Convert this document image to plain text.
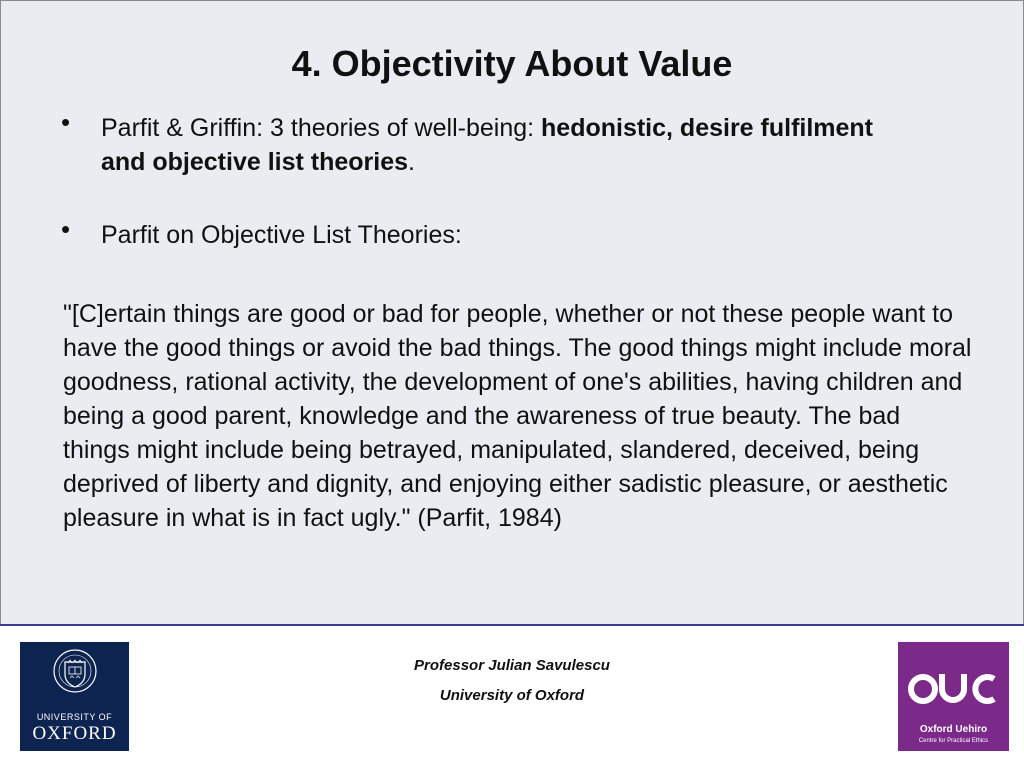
4. Objectivity About Value
• Parfit & Griffin: 3 theories of well-being: hedonistic, desire fulfilment and objective list theories.
• Parfit on Objective List Theories:

"[C]ertain things are good or bad for people, whether or not these people want to have the good things or avoid the bad things. The good things might include moral goodness, rational activity, the development of one's abilities, having children and being a good parent, knowledge and the awareness of true beauty. The bad things might include being betrayed, manipulated, slandered, deceived, being deprived of liberty and dignity, and enjoying either sadistic pleasure, or aesthetic pleasure in what is in fact ugly." (Parfit, 1984)

UNIVERSITY OF
OXFORD
Professor Julian Savulescu
University of Oxford
Oxford Uehiro
Centre for Practical Ethics
